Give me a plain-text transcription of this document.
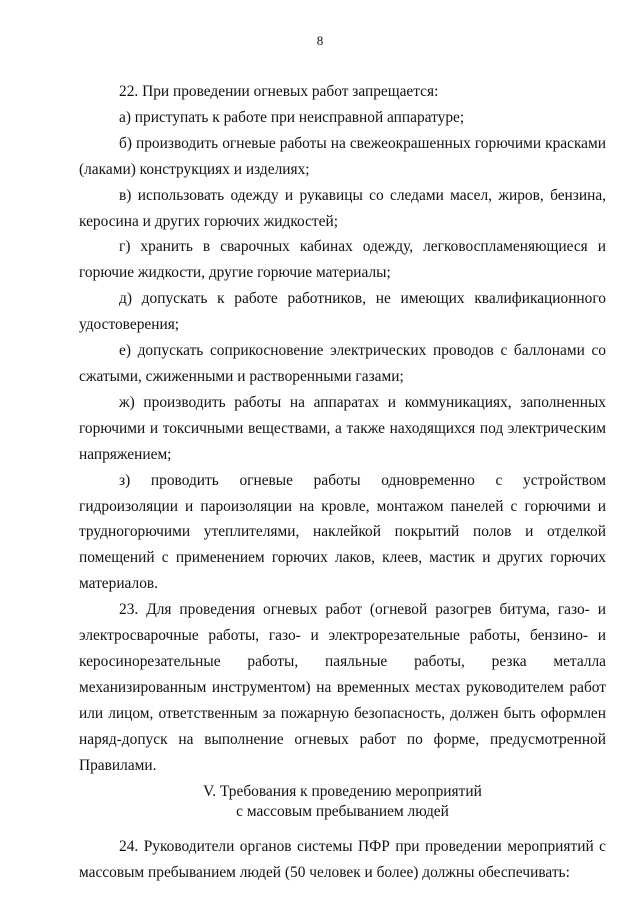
8

22. При проведении огневых работ запрещается:

а) приступать к работе при неисправной аппаратуре;

б) производить огневые работы на свежеокрашенных горючими красками (лаками) конструкциях и изделиях;

в) использовать одежду и рукавицы со следами масел, жиров, бензина, керосина и других горючих жидкостей;

г) хранить в сварочных кабинах одежду, легковоспламеняющиеся и горючие жидкости, другие горючие материалы;

д) допускать к работе работников, не имеющих квалификационного удостоверения;

е) допускать соприкосновение электрических проводов с баллонами со сжатыми, сжиженными и растворенными газами;

ж) производить работы на аппаратах и коммуникациях, заполненных горючими и токсичными веществами, а также находящихся под электрическим напряжением;

з) проводить огневые работы одновременно с устройством гидроизоляции и пароизоляции на кровле, монтажом панелей с горючими и трудногорючими утеплителями, наклейкой покрытий полов и отделкой помещений с применением горючих лаков, клеев, мастик и других горючих материалов.

23. Для проведения огневых работ (огневой разогрев битума, газо- и электросварочные работы, газо- и электрорезательные работы, бензино- и керосинорезательные работы, паяльные работы, резка металла механизированным инструментом) на временных местах руководителем работ или лицом, ответственным за пожарную безопасность, должен быть оформлен наряд-допуск на выполнение огневых работ по форме, предусмотренной Правилами.

V. Требования к проведению мероприятий
с массовым пребыванием людей

24. Руководители органов системы ПФР при проведении мероприятий с массовым пребыванием людей (50 человек и более) должны обеспечивать:
